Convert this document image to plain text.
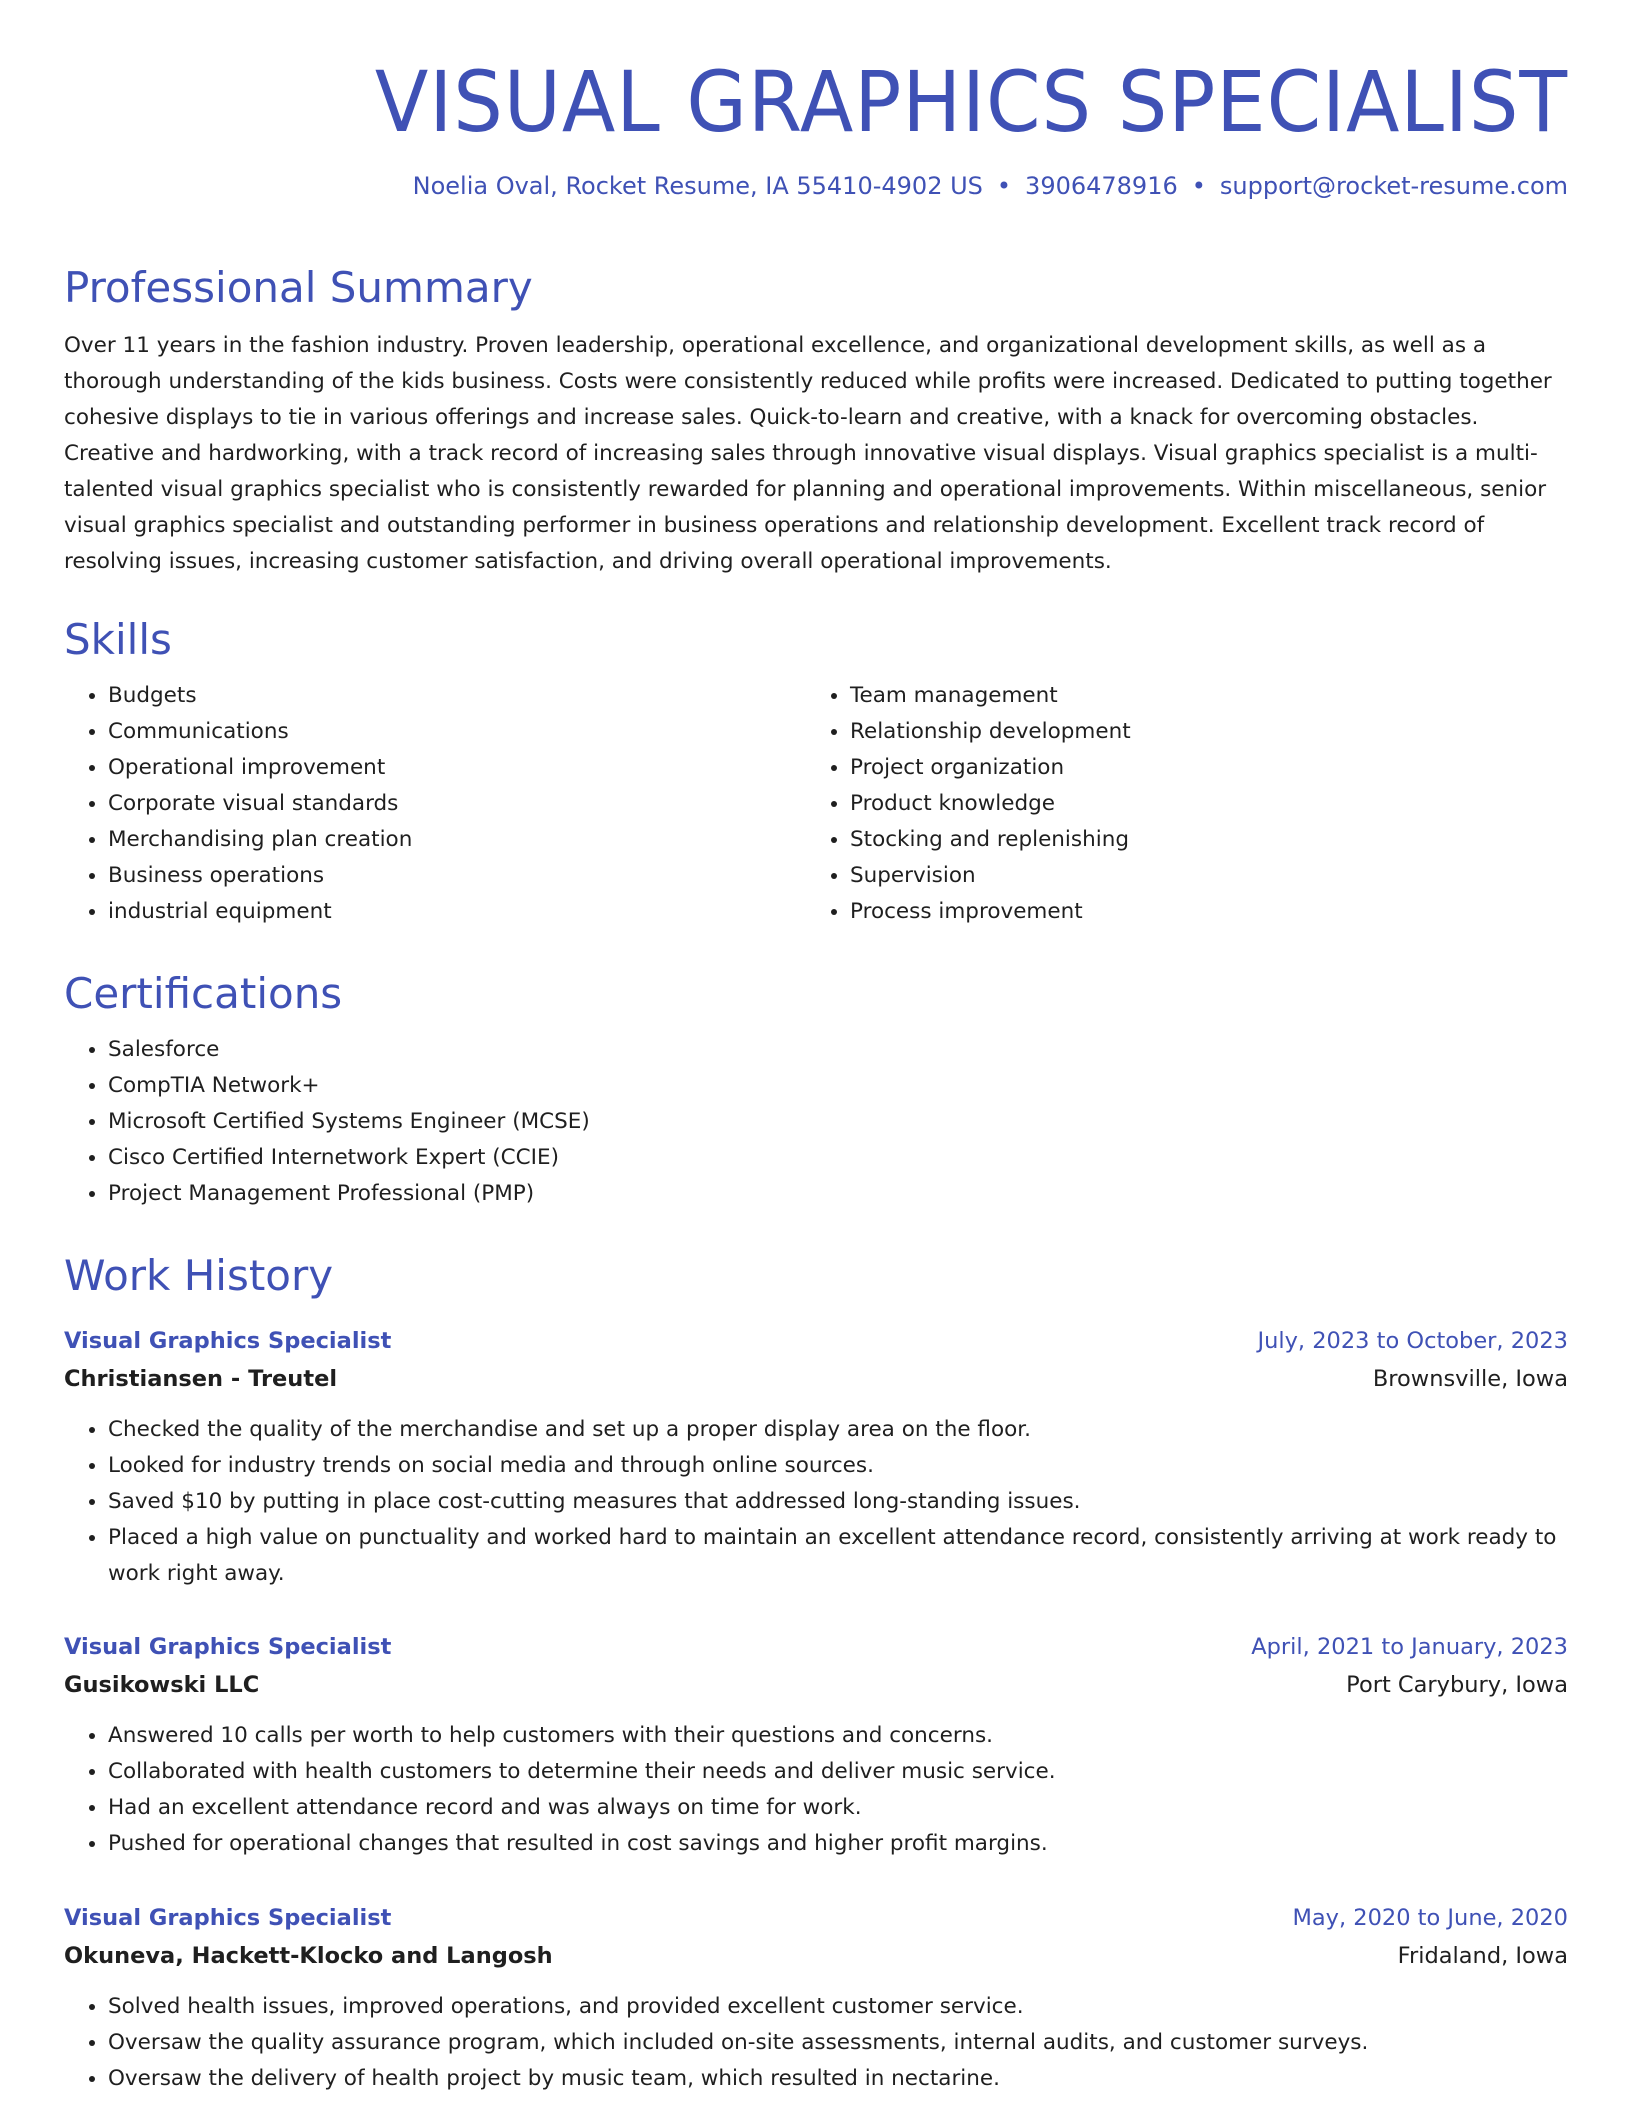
VISUAL GRAPHICS SPECIALIST
Noelia Oval, Rocket Resume, IA 55410-4902 US • 3906478916 • support@rocket-resume.com
Professional Summary

Over 11 years in the fashion industry. Proven leadership, operational excellence, and organizational development skills, as well as a thorough understanding of the kids business. Costs were consistently reduced while profits were increased. Dedicated to putting together cohesive displays to tie in various offerings and increase sales. Quick-to-learn and creative, with a knack for overcoming obstacles. Creative and hardworking, with a track record of increasing sales through innovative visual displays. Visual graphics specialist is a multi-talented visual graphics specialist who is consistently rewarded for planning and operational improvements. Within miscellaneous, senior visual graphics specialist and outstanding performer in business operations and relationship development. Excellent track record of resolving issues, increasing customer satisfaction, and driving overall operational improvements.

Skills
• Budgets
• Communications
• Operational improvement
• Corporate visual standards
• Merchandising plan creation
• Business operations
• industrial equipment
• Team management
• Relationship development
• Project organization
• Product knowledge
• Stocking and replenishing
• Supervision
• Process improvement
Certifications
• Salesforce
• CompTIA Network+
• Microsoft Certified Systems Engineer (MCSE)
• Cisco Certified Internetwork Expert (CCIE)
• Project Management Professional (PMP)
Work History
Visual Graphics Specialist	July, 2023 to October, 2023
Christiansen - Treutel	Brownsville, Iowa
• Checked the quality of the merchandise and set up a proper display area on the floor.
• Looked for industry trends on social media and through online sources.
• Saved $10 by putting in place cost-cutting measures that addressed long-standing issues.
• Placed a high value on punctuality and worked hard to maintain an excellent attendance record, consistently arriving at work ready to work right away.
Visual Graphics Specialist	April, 2021 to January, 2023
Gusikowski LLC	Port Carybury, Iowa
• Answered 10 calls per worth to help customers with their questions and concerns.
• Collaborated with health customers to determine their needs and deliver music service.
• Had an excellent attendance record and was always on time for work.
• Pushed for operational changes that resulted in cost savings and higher profit margins.
Visual Graphics Specialist	May, 2020 to June, 2020
Okuneva, Hackett-Klocko and Langosh	Fridaland, Iowa
• Solved health issues, improved operations, and provided excellent customer service.
• Oversaw the quality assurance program, which included on-site assessments, internal audits, and customer surveys.
• Oversaw the delivery of health project by music team, which resulted in nectarine.
